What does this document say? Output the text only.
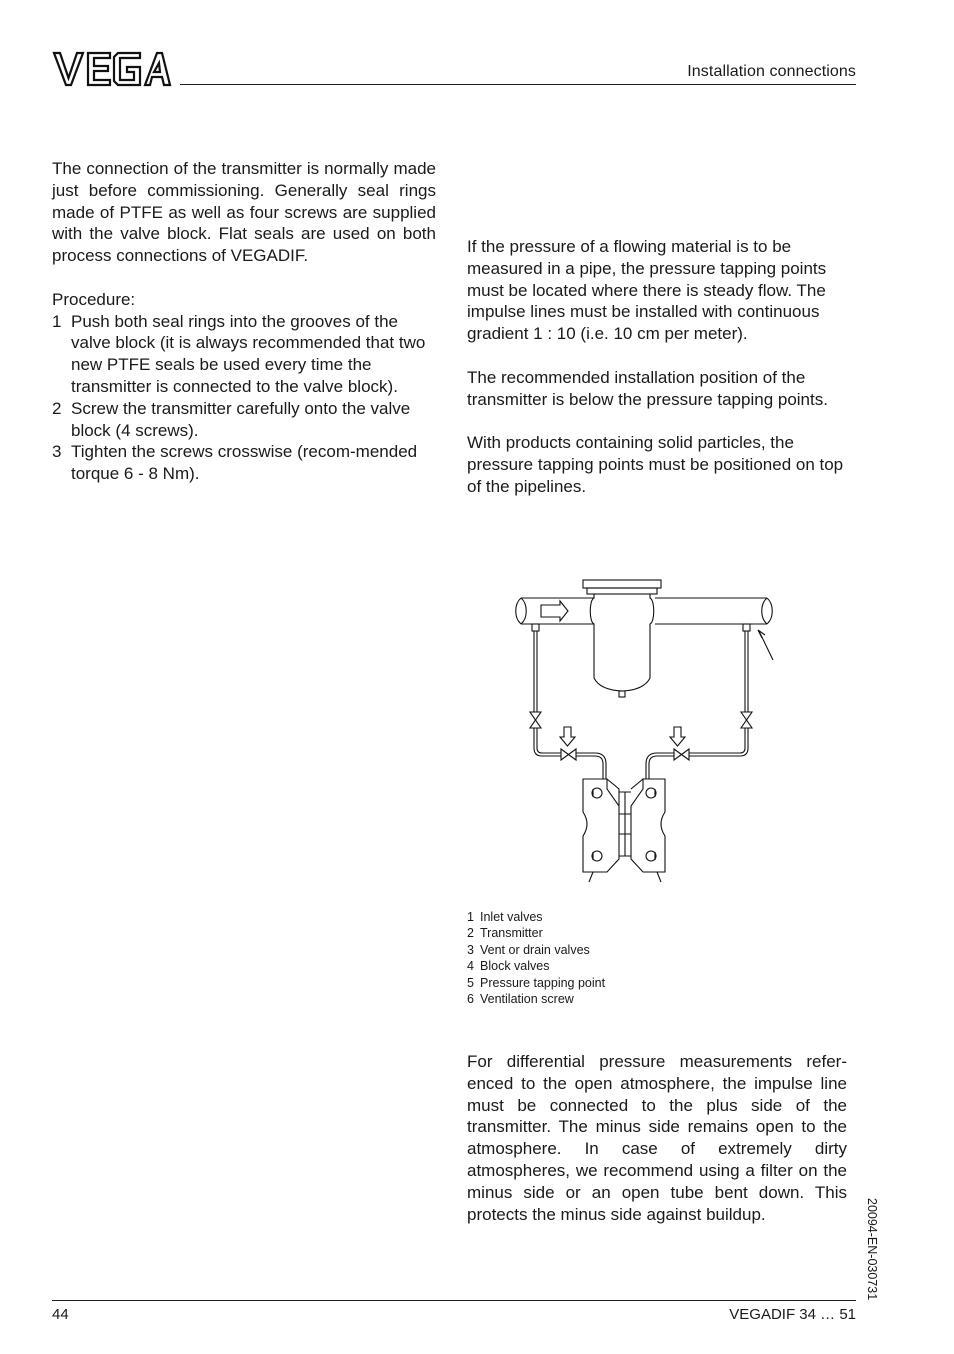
Installation connections

The connection of the transmitter is normally made just before commissioning. Generally seal rings made of PTFE as well as four screws are supplied with the valve block. Flat seals are used on both process connections of VEGADIF.

Procedure:

1 Push both seal rings into the grooves of the valve block (it is always recommended that two new PTFE seals be used every time the transmitter is connected to the valve block).
2 Screw the transmitter carefully onto the valve block (4 screws).
3 Tighten the screws crosswise (recom-mended torque 6 - 8 Nm).

If the pressure of a flowing material is to be measured in a pipe, the pressure tapping points must be located where there is steady flow. The impulse lines must be installed with continuous gradient 1 : 10 (i.e. 10 cm per meter).

The recommended installation position of the transmitter is below the pressure tapping points.

With products containing solid particles, the pressure tapping points must be positioned on top of the pipelines.

1 Inlet valves
2 Transmitter
3 Vent or drain valves
4 Block valves
5 Pressure tapping point
6 Ventilation screw

For differential pressure measurements refer-enced to the open atmosphere, the impulse line must be connected to the plus side of the transmitter. The minus side remains open to the atmosphere. In case of extremely dirty atmospheres, we recommend using a filter on the minus side or an open tube bent down. This protects the minus side against buildup.	20094-EN-030731
44	VEGADIF 34 … 51
